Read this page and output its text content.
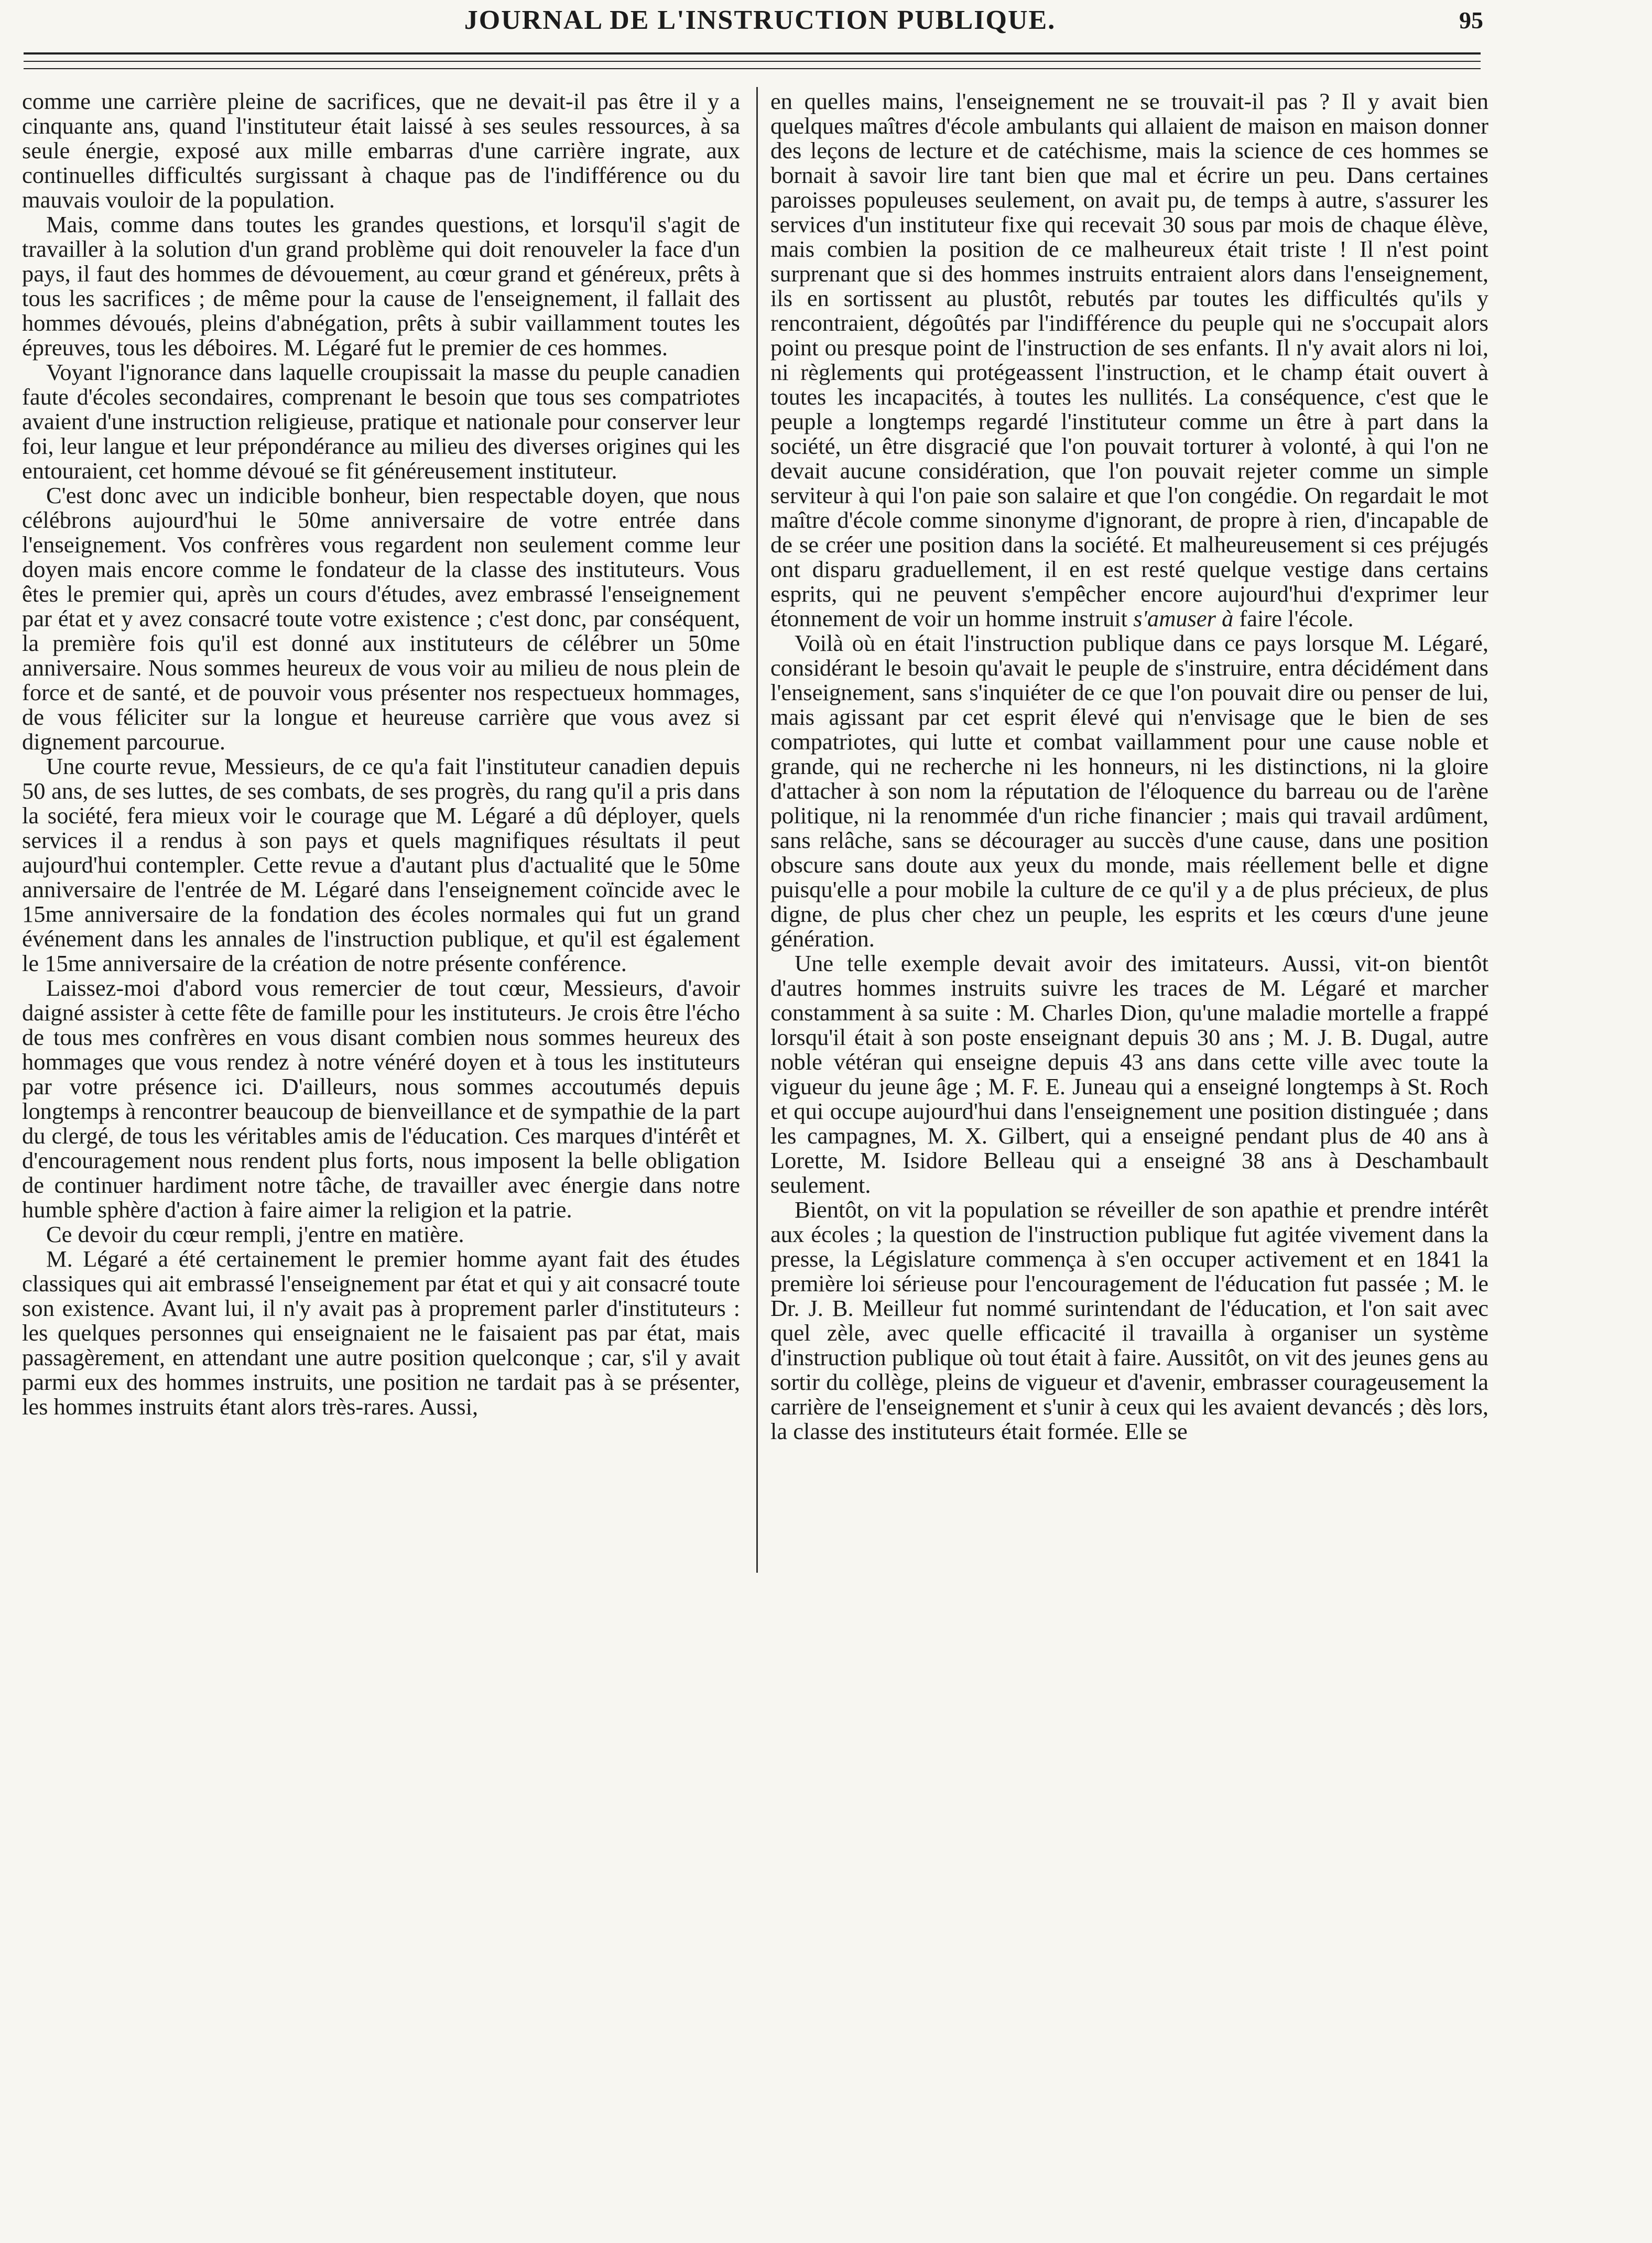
JOURNAL DE L'INSTRUCTION PUBLIQUE.	95

comme une carrière pleine de sacrifices, que ne devait-il pas être il y a cinquante ans, quand l'instituteur était laissé à ses seules ressources, à sa seule énergie, exposé aux mille embarras d'une carrière ingrate, aux continuelles difficultés surgissant à chaque pas de l'indifférence ou du mauvais vouloir de la population.

Mais, comme dans toutes les grandes questions, et lorsqu'il s'agit de travailler à la solution d'un grand problème qui doit renouveler la face d'un pays, il faut des hommes de dévouement, au cœur grand et généreux, prêts à tous les sacrifices ; de même pour la cause de l'enseignement, il fallait des hommes dévoués, pleins d'abnégation, prêts à subir vaillamment toutes les épreuves, tous les déboires. M. Légaré fut le premier de ces hommes.

Voyant l'ignorance dans laquelle croupissait la masse du peuple canadien faute d'écoles secondaires, comprenant le besoin que tous ses compatriotes avaient d'une instruction religieuse, pratique et nationale pour conserver leur foi, leur langue et leur prépondérance au milieu des diverses origines qui les entouraient, cet homme dévoué se fit généreusement instituteur.

C'est donc avec un indicible bonheur, bien respectable doyen, que nous célébrons aujourd'hui le 50me anniversaire de votre entrée dans l'enseignement. Vos confrères vous regardent non seulement comme leur doyen mais encore comme le fondateur de la classe des instituteurs. Vous êtes le premier qui, après un cours d'études, avez embrassé l'enseignement par état et y avez consacré toute votre existence ; c'est donc, par conséquent, la première fois qu'il est donné aux instituteurs de célébrer un 50me anniversaire. Nous sommes heureux de vous voir au milieu de nous plein de force et de santé, et de pouvoir vous présenter nos respectueux hommages, de vous féliciter sur la longue et heureuse carrière que vous avez si dignement parcourue.

Une courte revue, Messieurs, de ce qu'a fait l'instituteur canadien depuis 50 ans, de ses luttes, de ses combats, de ses progrès, du rang qu'il a pris dans la société, fera mieux voir le courage que M. Légaré a dû déployer, quels services il a rendus à son pays et quels magnifiques résultats il peut aujourd'hui contempler. Cette revue a d'autant plus d'actualité que le 50me anniversaire de l'entrée de M. Légaré dans l'enseignement coïncide avec le 15me anniversaire de la fondation des écoles normales qui fut un grand événement dans les annales de l'instruction publique, et qu'il est également le 15me anniversaire de la création de notre présente conférence.

Laissez-moi d'abord vous remercier de tout cœur, Messieurs, d'avoir daigné assister à cette fête de famille pour les instituteurs. Je crois être l'écho de tous mes confrères en vous disant combien nous sommes heureux des hommages que vous rendez à notre vénéré doyen et à tous les instituteurs par votre présence ici. D'ailleurs, nous sommes accoutumés depuis longtemps à rencontrer beaucoup de bienveillance et de sympathie de la part du clergé, de tous les véritables amis de l'éducation. Ces marques d'intérêt et d'encouragement nous rendent plus forts, nous imposent la belle obligation de continuer hardiment notre tâche, de travailler avec énergie dans notre humble sphère d'action à faire aimer la religion et la patrie.

Ce devoir du cœur rempli, j'entre en matière.

M. Légaré a été certainement le premier homme ayant fait des études classiques qui ait embrassé l'enseignement par état et qui y ait consacré toute son existence. Avant lui, il n'y avait pas à proprement parler d'instituteurs : les quelques personnes qui enseignaient ne le faisaient pas par état, mais passagèrement, en attendant une autre position quelconque ; car, s'il y avait parmi eux des hommes instruits, une position ne tardait pas à se présenter, les hommes instruits étant alors très-rares. Aussi,

en quelles mains, l'enseignement ne se trouvait-il pas ? Il y avait bien quelques maîtres d'école ambulants qui allaient de maison en maison donner des leçons de lecture et de catéchisme, mais la science de ces hommes se bornait à savoir lire tant bien que mal et écrire un peu. Dans certaines paroisses populeuses seulement, on avait pu, de temps à autre, s'assurer les services d'un instituteur fixe qui recevait 30 sous par mois de chaque élève, mais combien la position de ce malheureux était triste ! Il n'est point surprenant que si des hommes instruits entraient alors dans l'enseignement, ils en sortissent au plustôt, rebutés par toutes les difficultés qu'ils y rencontraient, dégoûtés par l'indifférence du peuple qui ne s'occupait alors point ou presque point de l'instruction de ses enfants. Il n'y avait alors ni loi, ni règlements qui protégeassent l'instruction, et le champ était ouvert à toutes les incapacités, à toutes les nullités. La conséquence, c'est que le peuple a longtemps regardé l'instituteur comme un être à part dans la société, un être disgracié que l'on pouvait torturer à volonté, à qui l'on ne devait aucune considération, que l'on pouvait rejeter comme un simple serviteur à qui l'on paie son salaire et que l'on congédie. On regardait le mot maître d'école comme sinonyme d'ignorant, de propre à rien, d'incapable de de se créer une position dans la société. Et malheureusement si ces préjugés ont disparu graduellement, il en est resté quelque vestige dans certains esprits, qui ne peuvent s'empêcher encore aujourd'hui d'exprimer leur étonnement de voir un homme instruit s'amuser à faire l'école.

Voilà où en était l'instruction publique dans ce pays lorsque M. Légaré, considérant le besoin qu'avait le peuple de s'instruire, entra décidément dans l'enseignement, sans s'inquiéter de ce que l'on pouvait dire ou penser de lui, mais agissant par cet esprit élevé qui n'envisage que le bien de ses compatriotes, qui lutte et combat vaillamment pour une cause noble et grande, qui ne recherche ni les honneurs, ni les distinctions, ni la gloire d'attacher à son nom la réputation de l'éloquence du barreau ou de l'arène politique, ni la renommée d'un riche financier ; mais qui travail ardûment, sans relâche, sans se décourager au succès d'une cause, dans une position obscure sans doute aux yeux du monde, mais réellement belle et digne puisqu'elle a pour mobile la culture de ce qu'il y a de plus précieux, de plus digne, de plus cher chez un peuple, les esprits et les cœurs d'une jeune génération.

Une telle exemple devait avoir des imitateurs. Aussi, vit-on bientôt d'autres hommes instruits suivre les traces de M. Légaré et marcher constamment à sa suite : M. Charles Dion, qu'une maladie mortelle a frappé lorsqu'il était à son poste enseignant depuis 30 ans ; M. J. B. Dugal, autre noble vétéran qui enseigne depuis 43 ans dans cette ville avec toute la vigueur du jeune âge ; M. F. E. Juneau qui a enseigné longtemps à St. Roch et qui occupe aujourd'hui dans l'enseignement une position distinguée ; dans les campagnes, M. X. Gilbert, qui a enseigné pendant plus de 40 ans à Lorette, M. Isidore Belleau qui a enseigné 38 ans à Deschambault seulement.

Bientôt, on vit la population se réveiller de son apathie et prendre intérêt aux écoles ; la question de l'instruction publique fut agitée vivement dans la presse, la Législature commença à s'en occuper activement et en 1841 la première loi sérieuse pour l'encouragement de l'éducation fut passée ; M. le Dr. J. B. Meilleur fut nommé surintendant de l'éducation, et l'on sait avec quel zèle, avec quelle efficacité il travailla à organiser un système d'instruction publique où tout était à faire. Aussitôt, on vit des jeunes gens au sortir du collège, pleins de vigueur et d'avenir, embrasser courageusement la carrière de l'enseignement et s'unir à ceux qui les avaient devancés ; dès lors, la classe des instituteurs était formée. Elle se
